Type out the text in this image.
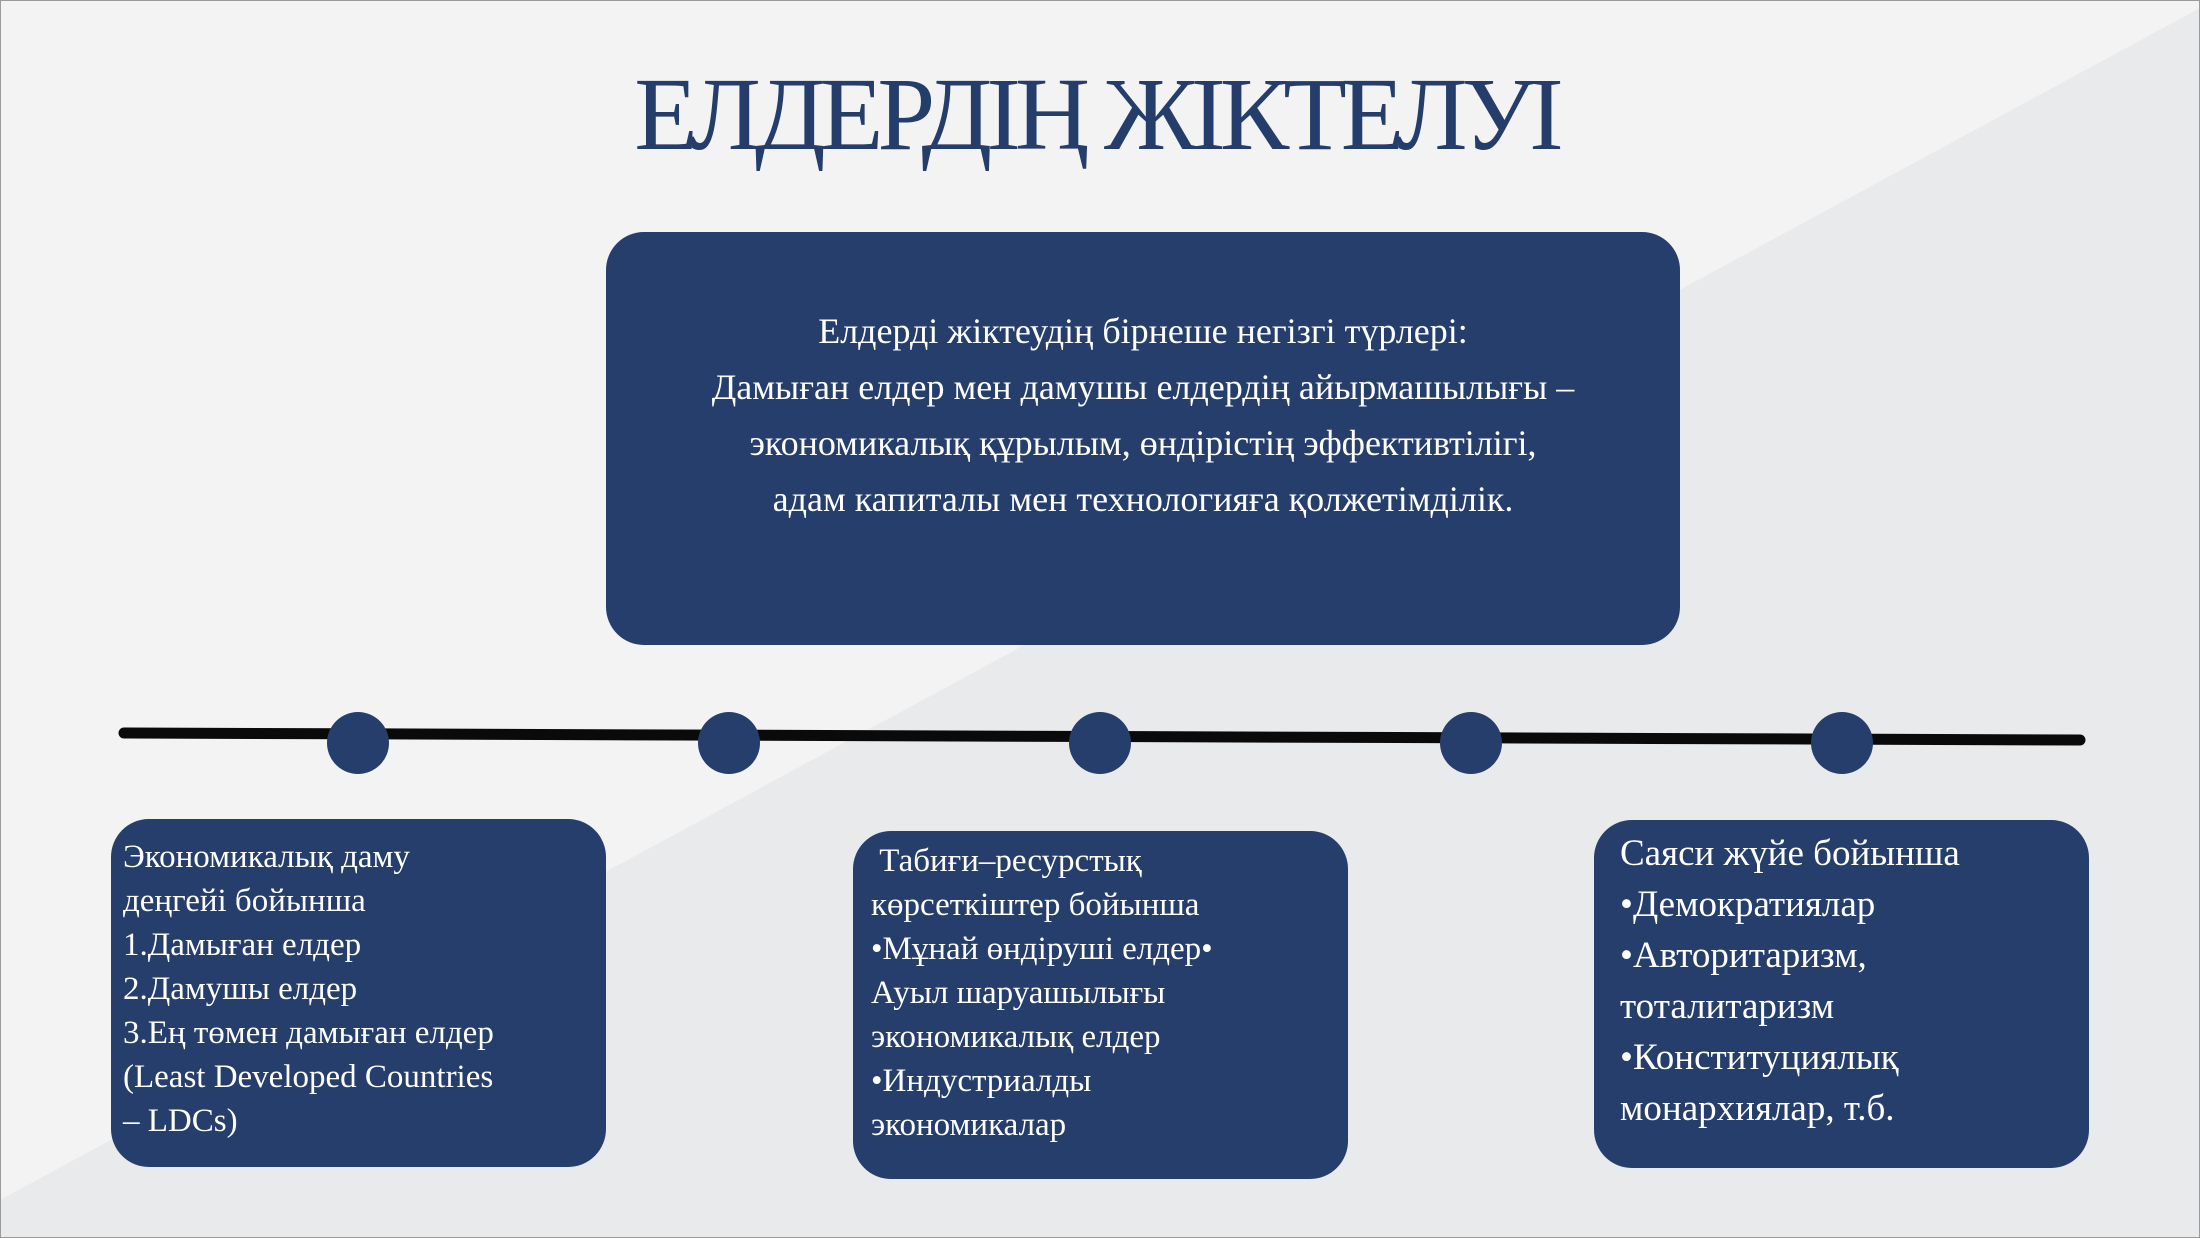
ЕЛДЕРДІҢ ЖІКТЕЛУІ
Елдерді жіктеудің бірнеше негізгі түрлері:
Дамыған елдер мен дамушы елдердің айырмашылығы –
экономикалық құрылым, өндірістің эффективтілігі,
адам капиталы мен технологияға қолжетімділік.
Экономикалық даму
деңгейі бойынша
1.Дамыған елдер
2.Дамушы елдер
3.Ең төмен дамыған елдер
(Least Developed Countries
– LDCs)
Табиғи–ресурстық
көрсеткіштер бойынша
•Мұнай өндіруші елдер•
Ауыл шаруашылығы
экономикалық елдер
•Индустриалды
экономикалар
Саяси жүйе бойынша
•Демократиялар
•Авторитаризм,
тоталитаризм
•Конституциялық
монархиялар, т.б.
